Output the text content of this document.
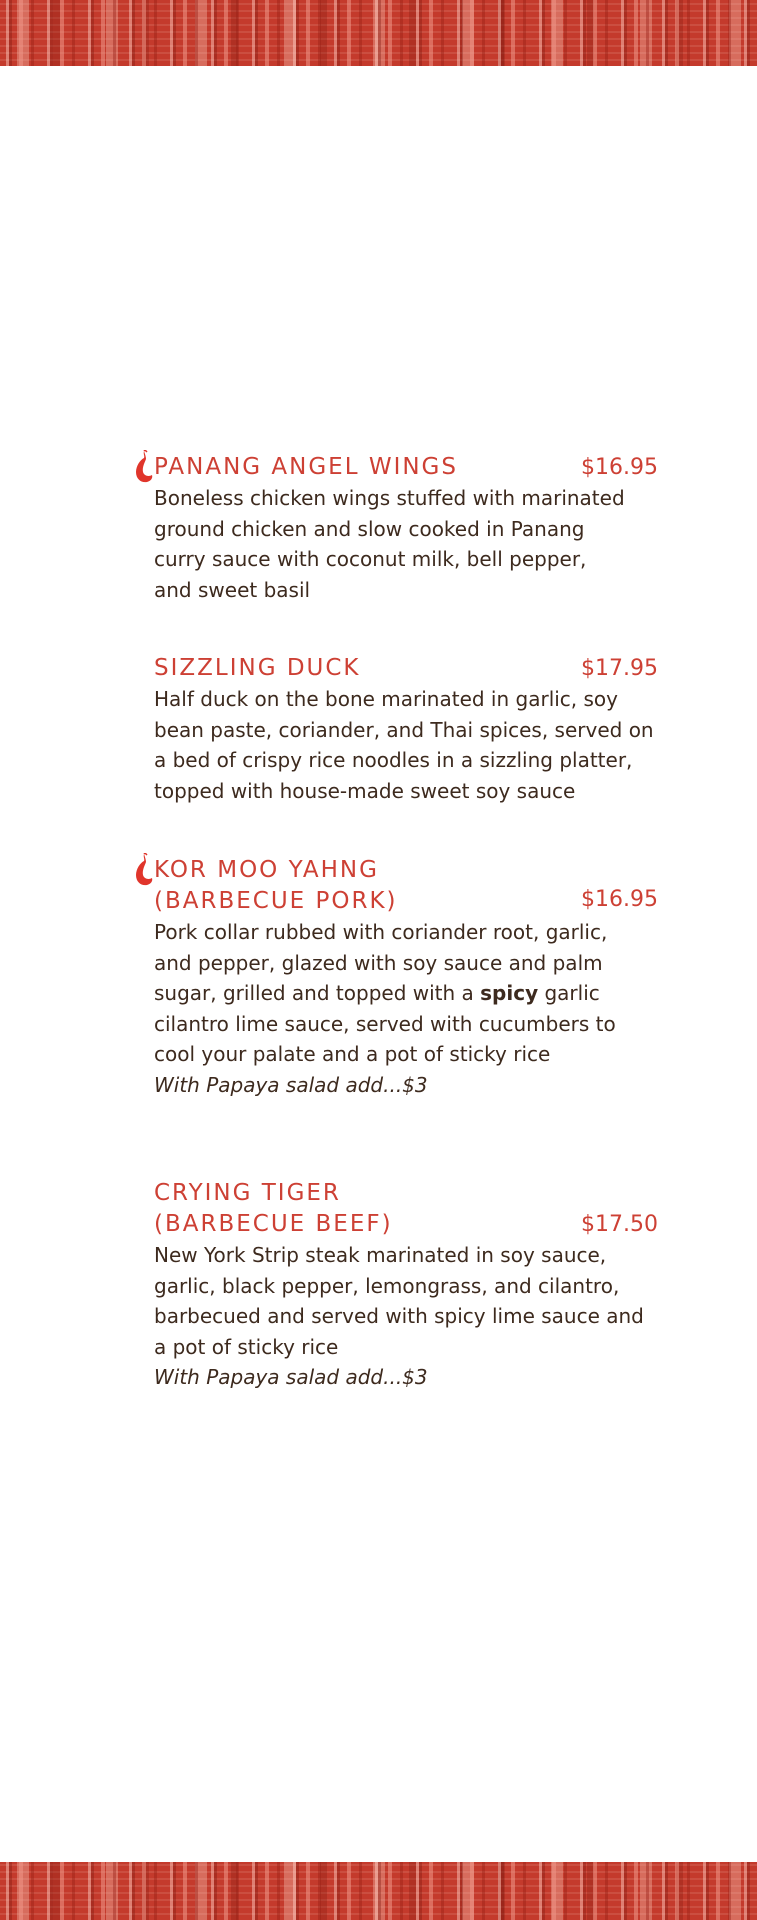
PANANG ANGEL WINGS	$16.95
Boneless chicken wings stuffed with marinated
ground chicken and slow cooked in Panang
curry sauce with coconut milk, bell pepper,
and sweet basil
SIZZLING DUCK	$17.95
Half duck on the bone marinated in garlic, soy
bean paste, coriander, and Thai spices, served on
a bed of crispy rice noodles in a sizzling platter,
topped with house-made sweet soy sauce
KOR MOO YAHNG
(BARBECUE PORK)	$16.95
Pork collar rubbed with coriander root, garlic,
and pepper, glazed with soy sauce and palm
sugar, grilled and topped with a spicy garlic
cilantro lime sauce, served with cucumbers to
cool your palate and a pot of sticky rice
With Papaya salad add...$3
CRYING TIGER
(BARBECUE BEEF)	$17.50
New York Strip steak marinated in soy sauce,
garlic, black pepper, lemongrass, and cilantro,
barbecued and served with spicy lime sauce and
a pot of sticky rice
With Papaya salad add...$3
